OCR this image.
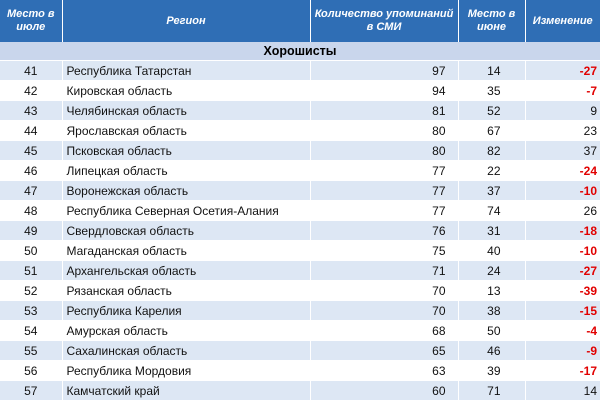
Место в июле	Регион	Количество упоминаний в СМИ	Место в июне	Изменение
Хорошисты				
41	Республика Татарстан	97	14	-27
42	Кировская область	94	35	-7
43	Челябинская область	81	52	9
44	Ярославская область	80	67	23
45	Псковская область	80	82	37
46	Липецкая область	77	22	-24
47	Воронежская область	77	37	-10
48	Республика Северная Осетия-Алания	77	74	26
49	Свердловская область	76	31	-18
50	Магаданская область	75	40	-10
51	Архангельская область	71	24	-27
52	Рязанская область	70	13	-39
53	Республика Карелия	70	38	-15
54	Амурская область	68	50	-4
55	Сахалинская область	65	46	-9
56	Республика Мордовия	63	39	-17
57	Камчатский край	60	71	14
